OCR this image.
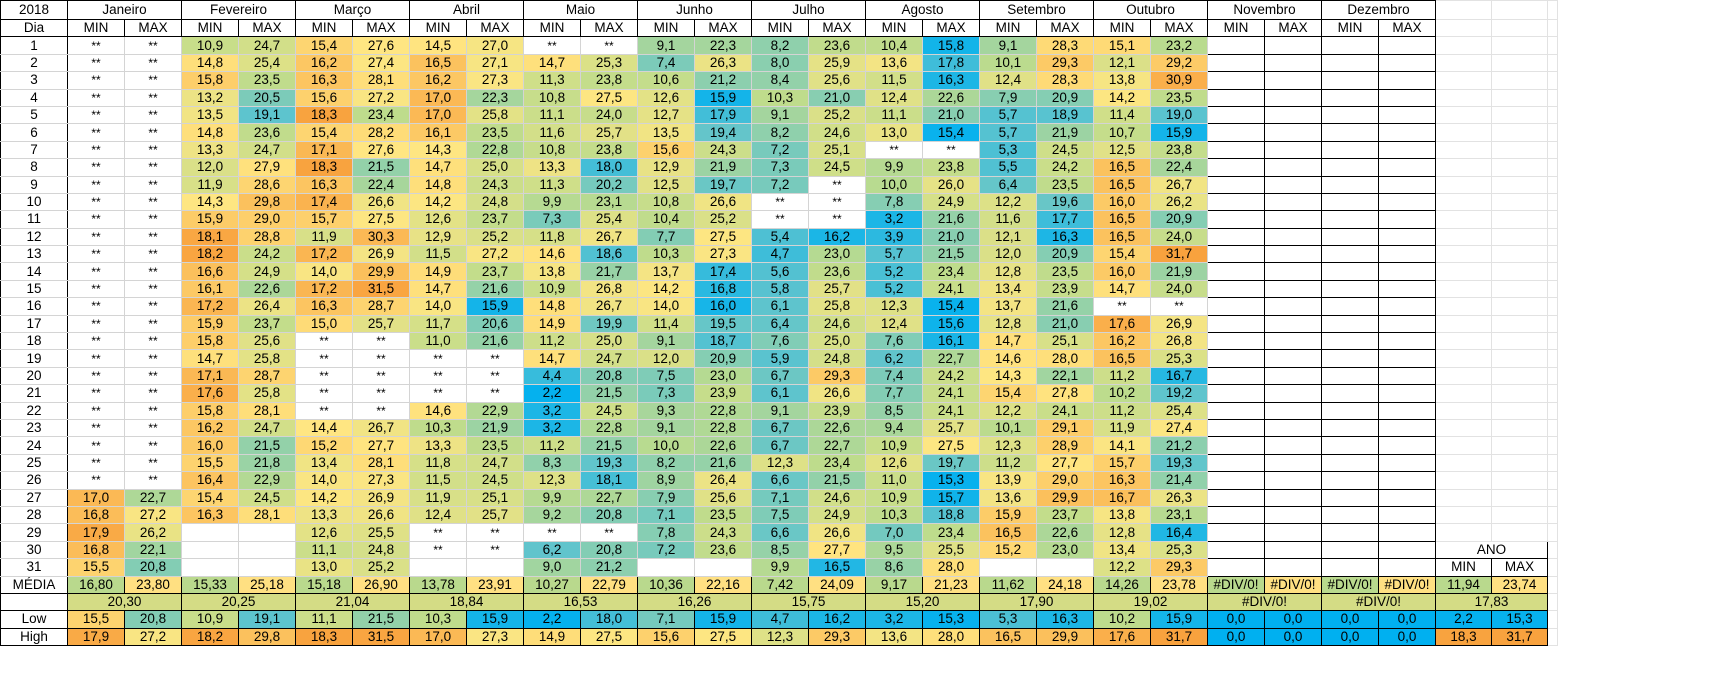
2018	Janeiro		Fevereiro		Março		Abril		Maio		Junho		Julho		Agosto		Setembro		Outubro		Novembro		Dezembro				
Dia	MIN	MAX	MIN	MAX	MIN	MAX	MIN	MAX	MIN	MAX	MIN	MAX	MIN	MAX	MIN	MAX	MIN	MAX	MIN	MAX	MIN	MAX	MIN	MAX			
1	**	**	10,9	24,7	15,4	27,6	14,5	27,0	**	**	9,1	22,3	8,2	23,6	10,4	15,8	9,1	28,3	15,1	23,2							
2	**	**	14,8	25,4	16,2	27,4	16,5	27,1	14,7	25,3	7,4	26,3	8,0	25,9	13,6	17,8	10,1	29,3	12,1	29,2							
3	**	**	15,8	23,5	16,3	28,1	16,2	27,3	11,3	23,8	10,6	21,2	8,4	25,6	11,5	16,3	12,4	28,3	13,8	30,9							
4	**	**	13,2	20,5	15,6	27,2	17,0	22,3	10,8	27,5	12,6	15,9	10,3	21,0	12,4	22,6	7,9	20,9	14,2	23,5							
5	**	**	13,5	19,1	18,3	23,4	17,0	25,8	11,1	24,0	12,7	17,9	9,1	25,2	11,1	21,0	5,7	18,9	11,4	19,0							
6	**	**	14,8	23,6	15,4	28,2	16,1	23,5	11,6	25,7	13,5	19,4	8,2	24,6	13,0	15,4	5,7	21,9	10,7	15,9							
7	**	**	13,3	24,7	17,1	27,6	14,3	22,8	10,8	23,8	15,6	24,3	7,2	25,1	**	**	5,3	24,5	12,5	23,8							
8	**	**	12,0	27,9	18,3	21,5	14,7	25,0	13,3	18,0	12,9	21,9	7,3	24,5	9,9	23,8	5,5	24,2	16,5	22,4							
9	**	**	11,9	28,6	16,3	22,4	14,8	24,3	11,3	20,2	12,5	19,7	7,2	**	10,0	26,0	6,4	23,5	16,5	26,7							
10	**	**	14,3	29,8	17,4	26,6	14,2	24,8	9,9	23,1	10,8	26,6	**	**	7,8	24,9	12,2	19,6	16,0	26,2							
11	**	**	15,9	29,0	15,7	27,5	12,6	23,7	7,3	25,4	10,4	25,2	**	**	3,2	21,6	11,6	17,7	16,5	20,9							
12	**	**	18,1	28,8	11,9	30,3	12,9	25,2	11,8	26,7	7,7	27,5	5,4	16,2	3,9	21,0	12,1	16,3	16,5	24,0							
13	**	**	18,2	24,2	17,2	26,9	11,5	27,2	14,6	18,6	10,3	27,3	4,7	23,0	5,7	21,5	12,0	20,9	15,4	31,7							
14	**	**	16,6	24,9	14,0	29,9	14,9	23,7	13,8	21,7	13,7	17,4	5,6	23,6	5,2	23,4	12,8	23,5	16,0	21,9							
15	**	**	16,1	22,6	17,2	31,5	14,7	21,6	10,9	26,8	14,2	16,8	5,8	25,7	5,2	24,1	13,4	23,9	14,7	24,0							
16	**	**	17,2	26,4	16,3	28,7	14,0	15,9	14,8	26,7	14,0	16,0	6,1	25,8	12,3	15,4	13,7	21,6	**	**							
17	**	**	15,9	23,7	15,0	25,7	11,7	20,6	14,9	19,9	11,4	19,5	6,4	24,6	12,4	15,6	12,8	21,0	17,6	26,9							
18	**	**	15,8	25,6	**	**	11,0	21,6	11,2	25,0	9,1	18,7	7,6	25,0	7,6	16,1	14,7	25,1	16,2	26,8							
19	**	**	14,7	25,8	**	**	**	**	14,7	24,7	12,0	20,9	5,9	24,8	6,2	22,7	14,6	28,0	16,5	25,3							
20	**	**	17,1	28,7	**	**	**	**	4,4	20,8	7,5	23,0	6,7	29,3	7,4	24,2	14,3	22,1	11,2	16,7							
21	**	**	17,6	25,8	**	**	**	**	2,2	21,5	7,3	23,9	6,1	26,6	7,7	24,1	15,4	27,8	10,2	19,2							
22	**	**	15,8	28,1	**	**	14,6	22,9	3,2	24,5	9,3	22,8	9,1	23,9	8,5	24,1	12,2	24,1	11,2	25,4							
23	**	**	16,2	24,7	14,4	26,7	10,3	21,9	3,2	22,8	9,1	22,8	6,7	22,6	9,4	25,7	10,1	29,1	11,9	27,4							
24	**	**	16,0	21,5	15,2	27,7	13,3	23,5	11,2	21,5	10,0	22,6	6,7	22,7	10,9	27,5	12,3	28,9	14,1	21,2							
25	**	**	15,5	21,8	13,4	28,1	11,8	24,7	8,3	19,3	8,2	21,6	12,3	23,4	12,6	19,7	11,2	27,7	15,7	19,3							
26	**	**	16,4	22,9	14,0	27,3	11,5	24,5	12,3	18,1	8,9	26,4	6,6	21,5	11,0	15,3	13,9	29,0	16,3	21,4							
27	17,0	22,7	15,4	24,5	14,2	26,9	11,9	25,1	9,9	22,7	7,9	25,6	7,1	24,6	10,9	15,7	13,6	29,9	16,7	26,3							
28	16,8	27,2	16,3	28,1	13,3	26,6	12,4	25,7	9,2	20,8	7,1	23,5	7,5	24,9	10,3	18,8	15,9	23,7	13,8	23,1							
29	17,9	26,2			12,6	25,5	**	**	**	**	7,8	24,3	6,6	26,6	7,0	23,4	16,5	22,6	12,8	16,4							
30	16,8	22,1			11,1	24,8	**	**	6,2	20,8	7,2	23,6	8,5	27,7	9,5	25,5	15,2	23,0	13,4	25,3					ANO		
31	15,5	20,8			13,0	25,2			9,0	21,2			9,9	16,5	8,6	28,0			12,2	29,3					MIN	MAX	
MÉDIA	16,80	23,80	15,33	25,18	15,18	26,90	13,78	23,91	10,27	22,79	10,36	22,16	7,42	24,09	9,17	21,23	11,62	24,18	14,26	23,78	#DIV/0!	#DIV/0!	#DIV/0!	#DIV/0!	11,94	23,74	
	20,30		20,25		21,04		18,84		16,53		16,26		15,75		15,20		17,90		19,02		#DIV/0!		#DIV/0!		17,83		
Low	15,5	20,8	10,9	19,1	11,1	21,5	10,3	15,9	2,2	18,0	7,1	15,9	4,7	16,2	3,2	15,3	5,3	16,3	10,2	15,9	0,0	0,0	0,0	0,0	2,2	15,3	
High	17,9	27,2	18,2	29,8	18,3	31,5	17,0	27,3	14,9	27,5	15,6	27,5	12,3	29,3	13,6	28,0	16,5	29,9	17,6	31,7	0,0	0,0	0,0	0,0	18,3	31,7	
